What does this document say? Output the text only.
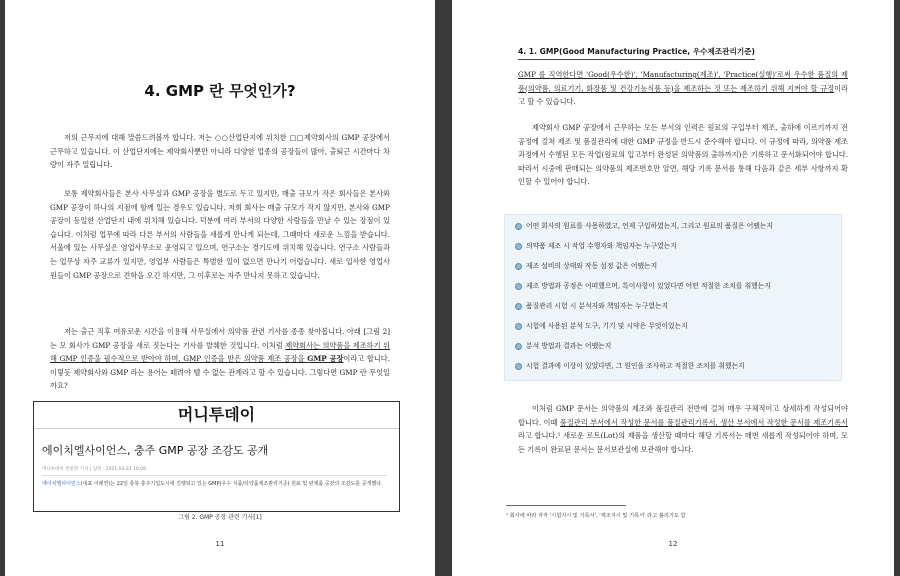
4. GMP 란 무엇인가?

저의 근무지에 대해 말씀드려볼까 합니다. 저는 ○○산업단지에 위치한 □□제약회사의 GMP 공장에서 근무하고 있습니다. 이 산업단지에는 제약회사뿐만 아니라 다양한 업종의 공장들이 많아, 출퇴근 시간마다 차량이 자주 밀립니다.

보통 제약회사들은 본사 사무실과 GMP 공장을 별도로 두고 있지만, 매출 규모가 작은 회사들은 본사와 GMP 공장이 하나의 지점에 함께 있는 경우도 있습니다. 저희 회사는 매출 규모가 작지 않지만, 본사와 GMP 공장이 동일한 산업단지 내에 위치해 있습니다. 덕분에 여러 부서의 다양한 사람들을 만날 수 있는 장점이 있습니다. 이처럼 업무에 따라 다른 부서의 사람들을 새롭게 만나게 되는데, 그때마다 새로운 느낌을 받습니다. 서울에 있는 사무실은 영업사무소로 운영되고 있으며, 연구소는 경기도에 위치해 있습니다. 연구소 사람들과는 업무상 자주 교류가 있지만, 영업부 사람들은 특별한 일이 없으면 만나기 어렵습니다. 새로 입사한 영업사원들이 GMP 공장으로 견학을 오긴 하지만, 그 이후로는 자주 만나지 못하고 있습니다.

저는 출근 직후 여유로운 시간을 이용해 사무실에서 의약품 관련 기사를 종종 찾아봅니다. 아래 [그림 2]는 모 회사가 GMP 공장을 새로 짓는다는 기사를 발췌한 것입니다. 이처럼 제약회사는 의약품을 제조하기 위해 GMP 인증을 필수적으로 받아야 하며, GMP 인증을 받은 의약품 제조 공장을 GMP 공장이라고 합니다. 이렇듯 제약회사와 GMP 라는 용어는 떼려야 뗄 수 없는 관계라고 할 수 있습니다. 그렇다면 GMP 란 무엇일까요?

머니투데이
에이치엘사이언스, 충주 GMP 공장 조감도 공개
머니투데이 빈중완 기자 | 입력 : 2021.03.22 10:09
에이치엘사이언스(대표 이래연)는 22일 충북 충주기업도시에 진행되고 있는 GMP(우수 식품/의약품제조관리기준) 원료 및 완제품 공장의 조감도를 공개했다.
그림 2. GMP 공장 관련 기사[1]
11
4. 1. GMP(Good Manufacturing Practice, 우수제조관리기준)

GMP 를 직역한다면 'Good(우수한)', 'Manufacturing(제조)', 'Practice(실행)'로써 우수한 품질의 제품(의약품, 의료기기, 화장품 및 건강기능식품 등)을 제조하는 것 또는 제조하기 위해 지켜야 할 규정이라고 할 수 있습니다.

제약회사 GMP 공장에서 근무하는 모든 부서의 인력은 원료의 구입부터 제조, 출하에 이르기까지 전 공정에 걸쳐 제조 및 품질관리에 대한 GMP 규정을 반드시 준수해야 합니다. 이 규정에 따라, 의약품 제조 과정에서 수행된 모든 작업(원료의 입고부터 완성된 의약품의 출하까지)은 기록하고 문서화되어야 합니다. 따라서 시중에 판매되는 의약품의 제조번호만 알면, 해당 기록 문서를 통해 다음과 같은 세부 사항까지 확인할 수 있어야 합니다.

어떤 회사의 원료를 사용하였고, 언제 구입하였는지, 그리고 원료의 품질은 어땠는지
의약품 제조 시 작업 수행자와 책임자는 누구였는지
제조 설비의 상태와 작동 설정 값은 어땠는지
제조 방법과 공정은 어떠했으며, 특이사항이 있었다면 어떤 적절한 조치를 취했는지
품질관리 시험 시 분석자와 책임자는 누구였는지
시험에 사용된 분석 도구, 기기 및 시약은 무엇이었는지
분석 방법과 결과는 어땠는지
시험 결과에 이상이 있었다면, 그 원인을 조사하고 적절한 조치를 취했는지

이처럼 GMP 문서는 의약품의 제조와 품질관리 전반에 걸쳐 매우 구체적이고 상세하게 작성되어야 합니다. 이때 품질관리 부서에서 작성한 문서를 품질관리기록서, 생산 부서에서 작성한 문서를 제조기록서라고 합니다.¹ 새로운 로트(Lot)의 제품을 생산할 때마다 해당 기록서는 매번 새롭게 작성되어야 하며, 모든 기록이 완료된 문서는 문서보관실에 보관해야 합니다.

¹ 회사에 따라 각각 '시험지시 및 기록서', '제조지시 및 기록서' 라고 불리기도 함
12
